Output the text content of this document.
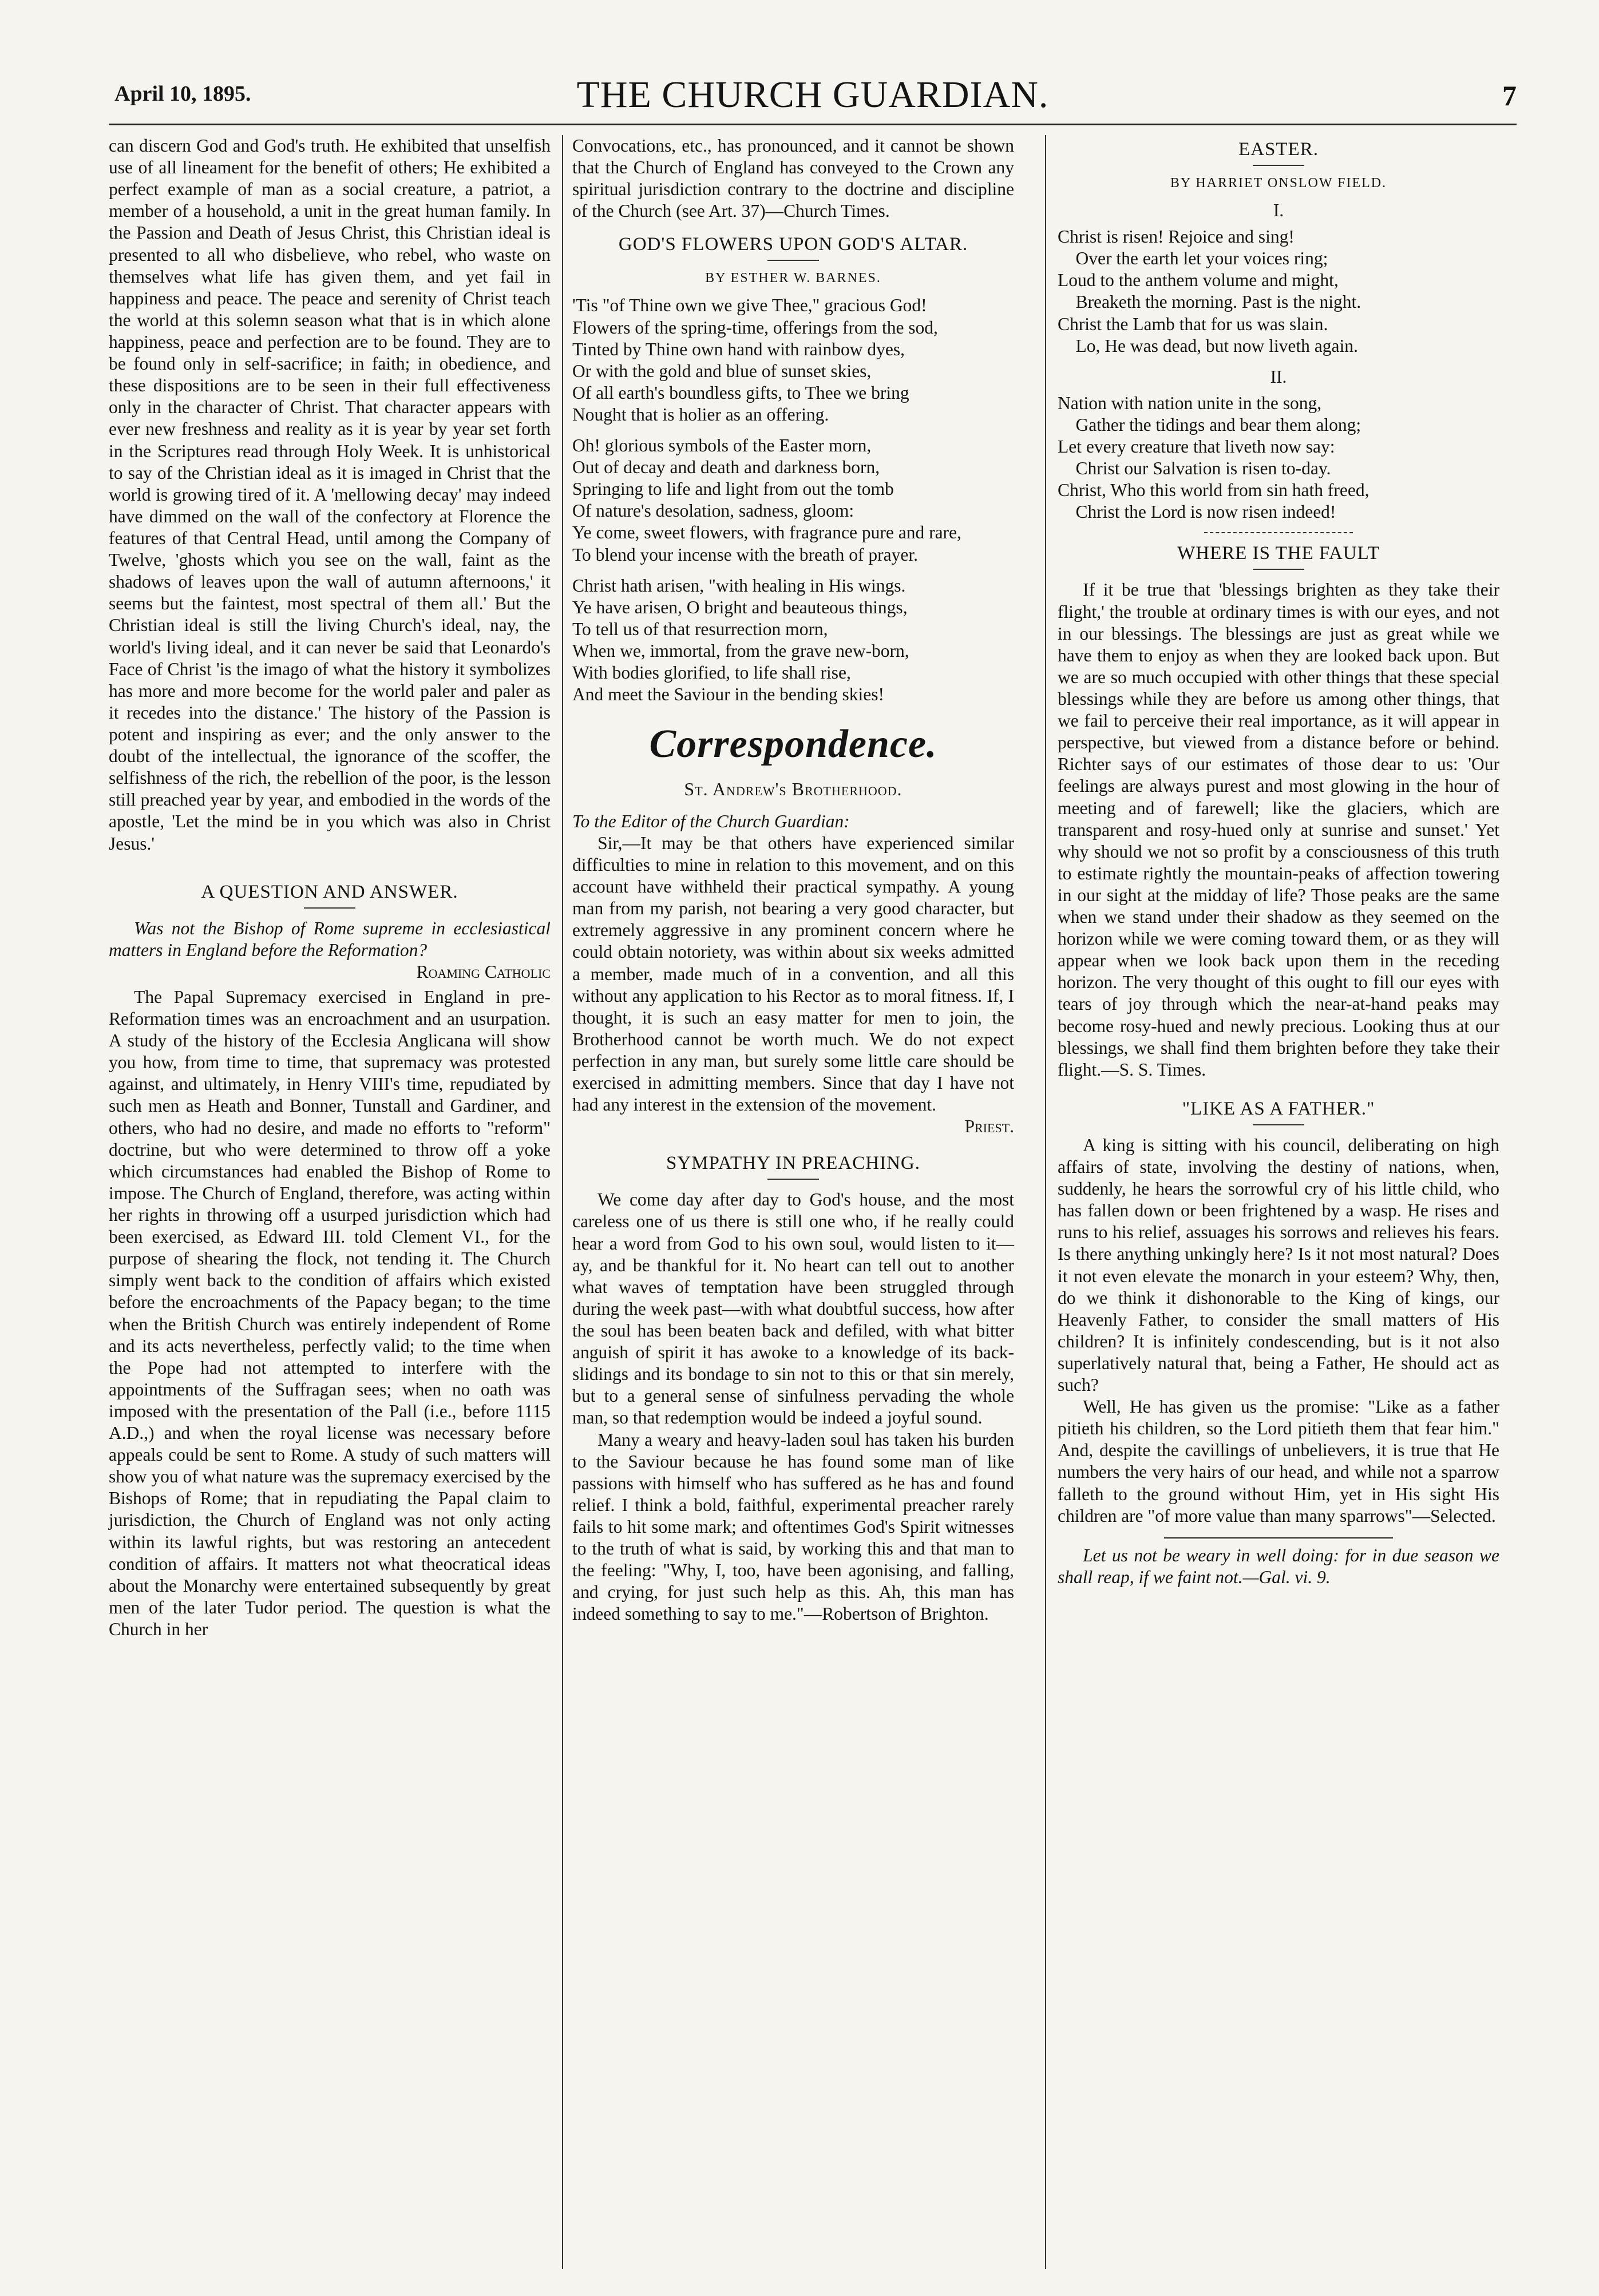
April 10, 1895.	THE CHURCH GUARDIAN.	7

can discern God and God's truth. He exhibited that unselfish use of all lineament for the benefit of others; He exhibited a perfect example of man as a social creature, a patriot, a member of a household, a unit in the great human family. In the Passion and Death of Jesus Christ, this Christian ideal is presented to all who disbelieve, who rebel, who waste on themselves what life has given them, and yet fail in happiness and peace. The peace and serenity of Christ teach the world at this solemn season what that is in which alone happiness, peace and perfection are to be found. They are to be found only in self-sacrifice; in faith; in obedience, and these dispositions are to be seen in their full effectiveness only in the character of Christ. That character appears with ever new freshness and reality as it is year by year set forth in the Scriptures read through Holy Week. It is unhistorical to say of the Christian ideal as it is imaged in Christ that the world is growing tired of it. A 'mellowing decay' may indeed have dimmed on the wall of the confectory at Florence the features of that Central Head, until among the Company of Twelve, 'ghosts which you see on the wall, faint as the shadows of leaves upon the wall of autumn afternoons,' it seems but the faintest, most spectral of them all.' But the Christian ideal is still the living Church's ideal, nay, the world's living ideal, and it can never be said that Leonardo's Face of Christ 'is the imago of what the history it symbolizes has more and more become for the world paler and paler as it recedes into the distance.' The history of the Passion is potent and inspiring as ever; and the only answer to the doubt of the intellectual, the ignorance of the scoffer, the selfishness of the rich, the rebellion of the poor, is the lesson still preached year by year, and embodied in the words of the apostle, 'Let the mind be in you which was also in Christ Jesus.'

A QUESTION AND ANSWER.

Was not the Bishop of Rome supreme in ecclesiastical matters in England before the Reformation?

Roaming Catholic

The Papal Supremacy exercised in England in pre-Reformation times was an encroachment and an usurpation. A study of the history of the Ecclesia Anglicana will show you how, from time to time, that supremacy was protested against, and ultimately, in Henry VIII's time, repudiated by such men as Heath and Bonner, Tunstall and Gardiner, and others, who had no desire, and made no efforts to "reform" doctrine, but who were determined to throw off a yoke which circumstances had enabled the Bishop of Rome to impose. The Church of England, therefore, was acting within her rights in throwing off a usurped jurisdiction which had been exercised, as Edward III. told Clement VI., for the purpose of shearing the flock, not tending it. The Church simply went back to the condition of affairs which existed before the encroachments of the Papacy began; to the time when the British Church was entirely independent of Rome and its acts nevertheless, perfectly valid; to the time when the Pope had not attempted to interfere with the appointments of the Suffragan sees; when no oath was imposed with the presentation of the Pall (i.e., before 1115 A.D.,) and when the royal license was necessary before appeals could be sent to Rome. A study of such matters will show you of what nature was the supremacy exercised by the Bishops of Rome; that in repudiating the Papal claim to jurisdiction, the Church of England was not only acting within its lawful rights, but was restoring an antecedent condition of affairs. It matters not what theocratical ideas about the Monarchy were entertained subsequently by great men of the later Tudor period. The question is what the Church in her

Convocations, etc., has pronounced, and it cannot be shown that the Church of England has conveyed to the Crown any spiritual jurisdiction contrary to the doctrine and discipline of the Church (see Art. 37)—Church Times.

GOD'S FLOWERS UPON GOD'S ALTAR.
BY ESTHER W. BARNES.
'Tis "of Thine own we give Thee," gracious God!
Flowers of the spring-time, offerings from the sod,
Tinted by Thine own hand with rainbow dyes,
Or with the gold and blue of sunset skies,
Of all earth's boundless gifts, to Thee we bring
Nought that is holier as an offering.
Oh! glorious symbols of the Easter morn,
Out of decay and death and darkness born,
Springing to life and light from out the tomb
Of nature's desolation, sadness, gloom:
Ye come, sweet flowers, with fragrance pure and rare,
To blend your incense with the breath of prayer.
Christ hath arisen, "with healing in His wings.
Ye have arisen, O bright and beauteous things,
To tell us of that resurrection morn,
When we, immortal, from the grave new-born,
With bodies glorified, to life shall rise,
And meet the Saviour in the bending skies!
Correspondence.
St. Andrew's Brotherhood.

To the Editor of the Church Guardian:

Sir,—It may be that others have experienced similar difficulties to mine in relation to this movement, and on this account have withheld their practical sympathy. A young man from my parish, not bearing a very good character, but extremely aggressive in any prominent concern where he could obtain notoriety, was within about six weeks admitted a member, made much of in a convention, and all this without any application to his Rector as to moral fitness. If, I thought, it is such an easy matter for men to join, the Brotherhood cannot be worth much. We do not expect perfection in any man, but surely some little care should be exercised in admitting members. Since that day I have not had any interest in the extension of the movement.

Priest.
SYMPATHY IN PREACHING.

We come day after day to God's house, and the most careless one of us there is still one who, if he really could hear a word from God to his own soul, would listen to it—ay, and be thankful for it. No heart can tell out to another what waves of temptation have been struggled through during the week past—with what doubtful success, how after the soul has been beaten back and defiled, with what bitter anguish of spirit it has awoke to a knowledge of its back-slidings and its bondage to sin not to this or that sin merely, but to a general sense of sinfulness pervading the whole man, so that redemption would be indeed a joyful sound.

Many a weary and heavy-laden soul has taken his burden to the Saviour because he has found some man of like passions with himself who has suffered as he has and found relief. I think a bold, faithful, experimental preacher rarely fails to hit some mark; and oftentimes God's Spirit witnesses to the truth of what is said, by working this and that man to the feeling: "Why, I, too, have been agonising, and falling, and crying, for just such help as this. Ah, this man has indeed something to say to me."—Robertson of Brighton.

EASTER.
BY HARRIET ONSLOW FIELD.
I.
Christ is risen! Rejoice and sing!
Over the earth let your voices ring;
Loud to the anthem volume and might,
Breaketh the morning. Past is the night.
Christ the Lamb that for us was slain.
Lo, He was dead, but now liveth again.
II.
Nation with nation unite in the song,
Gather the tidings and bear them along;
Let every creature that liveth now say:
Christ our Salvation is risen to-day.
Christ, Who this world from sin hath freed,
Christ the Lord is now risen indeed!
WHERE IS THE FAULT

If it be true that 'blessings brighten as they take their flight,' the trouble at ordinary times is with our eyes, and not in our blessings. The blessings are just as great while we have them to enjoy as when they are looked back upon. But we are so much occupied with other things that these special blessings while they are before us among other things, that we fail to perceive their real importance, as it will appear in perspective, but viewed from a distance before or behind. Richter says of our estimates of those dear to us: 'Our feelings are always purest and most glowing in the hour of meeting and of farewell; like the glaciers, which are transparent and rosy-hued only at sunrise and sunset.' Yet why should we not so profit by a consciousness of this truth to estimate rightly the mountain-peaks of affection towering in our sight at the midday of life? Those peaks are the same when we stand under their shadow as they seemed on the horizon while we were coming toward them, or as they will appear when we look back upon them in the receding horizon. The very thought of this ought to fill our eyes with tears of joy through which the near-at-hand peaks may become rosy-hued and newly precious. Looking thus at our blessings, we shall find them brighten before they take their flight.—S. S. Times.

"LIKE AS A FATHER."

A king is sitting with his council, deliberating on high affairs of state, involving the destiny of nations, when, suddenly, he hears the sorrowful cry of his little child, who has fallen down or been frightened by a wasp. He rises and runs to his relief, assuages his sorrows and relieves his fears. Is there anything unkingly here? Is it not most natural? Does it not even elevate the monarch in your esteem? Why, then, do we think it dishonorable to the King of kings, our Heavenly Father, to consider the small matters of His children? It is infinitely condescending, but is it not also superlatively natural that, being a Father, He should act as such?

Well, He has given us the promise: "Like as a father pitieth his children, so the Lord pitieth them that fear him." And, despite the cavillings of unbelievers, it is true that He numbers the very hairs of our head, and while not a sparrow falleth to the ground without Him, yet in His sight His children are "of more value than many sparrows"—Selected.

Let us not be weary in well doing: for in due season we shall reap, if we faint not.—Gal. vi. 9.
